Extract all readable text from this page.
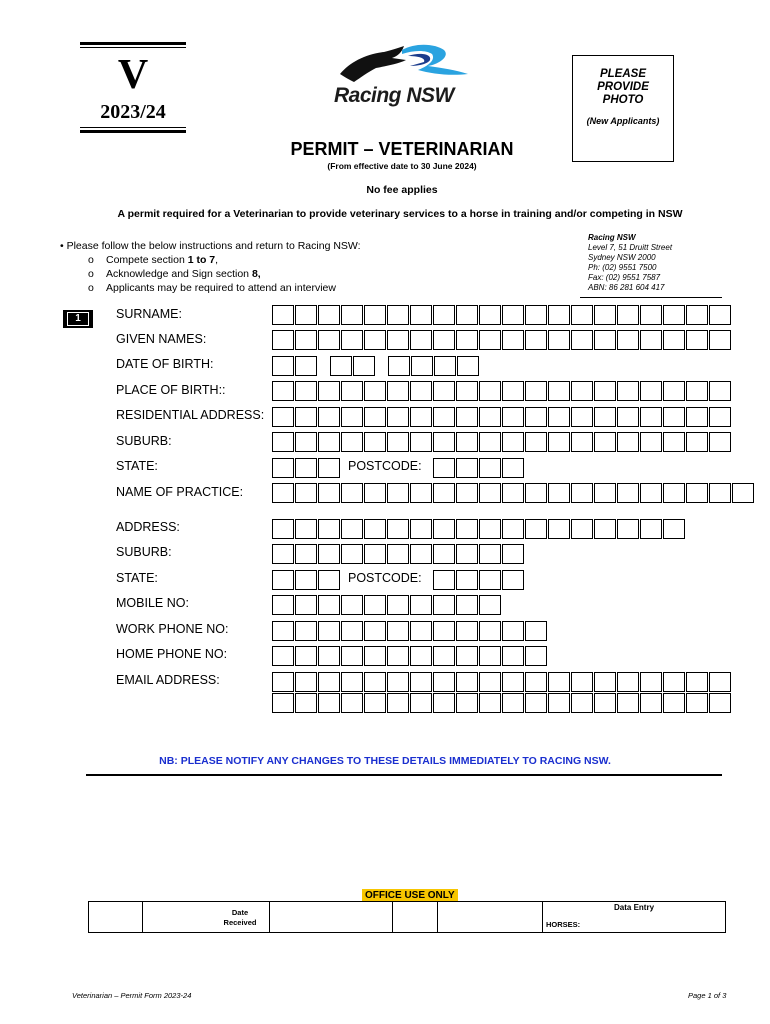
V
2023/24
Racing NSW
PLEASE PROVIDE PHOTO
(New Applicants)
PERMIT – VETERINARIAN
(From effective date to 30 June 2024)
No fee applies
A permit required for a Veterinarian to provide veterinary services to a horse in training and/or competing in NSW
• Please follow the below instructions and return to Racing NSW:
o Compete section 1 to 7,
o Acknowledge and Sign section 8,
o Applicants may be required to attend an interview
Racing NSW
Level 7, 51 Druitt Street
Sydney NSW 2000
Ph: (02) 9551 7500
Fax: (02) 9551 7587
ABN: 86 281 604 417
1	SURNAME:
GIVEN NAMES:
DATE OF BIRTH:
PLACE OF BIRTH::
RESIDENTIAL ADDRESS:
SUBURB:
STATE:	POSTCODE:
NAME OF PRACTICE:
ADDRESS:
SUBURB:
STATE:	POSTCODE:
MOBILE NO:
WORK PHONE NO:
HOME PHONE NO:
EMAIL ADDRESS:
NB: PLEASE NOTIFY ANY CHANGES TO THESE DETAILS IMMEDIATELY TO RACING NSW.
OFFICE USE ONLY
Date Received
Data Entry
HORSES:
Veterinarian – Permit Form 2023-24	Page 1 of 3
